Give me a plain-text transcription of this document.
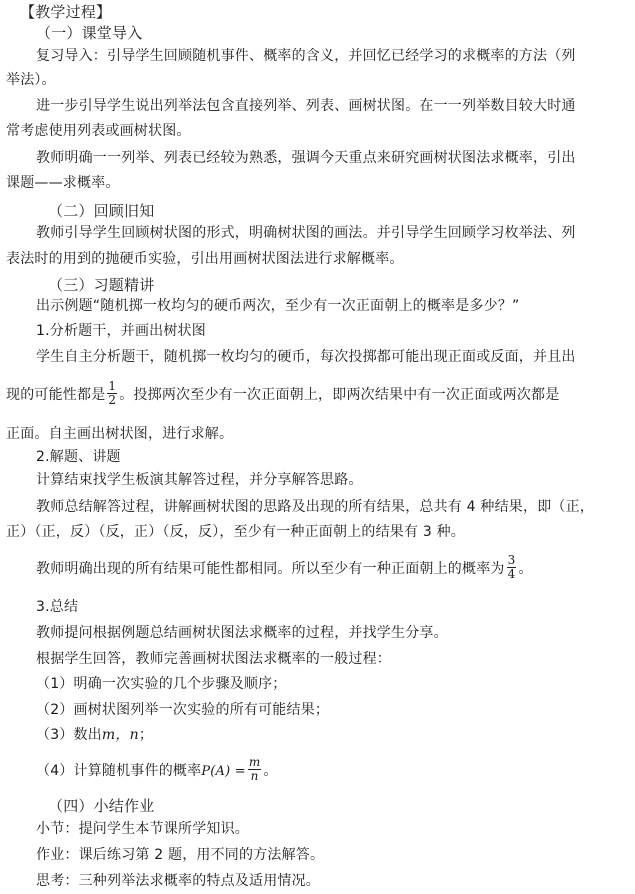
【教学过程】
（一）课堂导入
复习导入：引导学生回顾随机事件、概率的含义，并回忆已经学习的求概率的方法（列
举法）。
进一步引导学生说出列举法包含直接列举、列表、画树状图。在一一列举数目较大时通
常考虑使用列表或画树状图。
教师明确一一列举、列表已经较为熟悉，强调今天重点来研究画树状图法求概率，引出
课题——求概率。
（二）回顾旧知
教师引导学生回顾树状图的形式，明确树状图的画法。并引导学生回顾学习枚举法、列
表法时的用到的抛硬币实验，引出用画树状图法进行求解概率。
（三）习题精讲
出示例题“随机掷一枚均匀的硬币两次，至少有一次正面朝上的概率是多少？”
1.分析题干，并画出树状图
学生自主分析题干，随机掷一枚均匀的硬币，每次投掷都可能出现正面或反面，并且出
现的可能性都是 $\frac{1}{2}$ 。投掷两次至少有一次正面朝上，即两次结果中有一次正面或两次都是
正面。自主画出树状图，进行求解。
2.解题、讲题
计算结束找学生板演其解答过程，并分享解答思路。
教师总结解答过程，讲解画树状图的思路及出现的所有结果，总共有 4 种结果，即（正，
正）（正，反）（反，正）（反，反），至少有一种正面朝上的结果有 3 种。
教师明确出现的所有结果可能性都相同。所以至少有一种正面朝上的概率为 $\frac{3}{4}$ 。
3.总结
教师提问根据例题总结画树状图法求概率的过程，并找学生分享。
根据学生回答，教师完善画树状图法求概率的一般过程：
（1）明确一次实验的几个步骤及顺序；
（2）画树状图列举一次实验的所有可能结果；
（3）数出m，n；
（4）计算随机事件的概率$P(A) = \frac{m}{n}$ 。
（四）小结作业
小节：提问学生本节课所学知识。
作业：课后练习第 2 题，用不同的方法解答。
思考：三种列举法求概率的特点及适用情况。
